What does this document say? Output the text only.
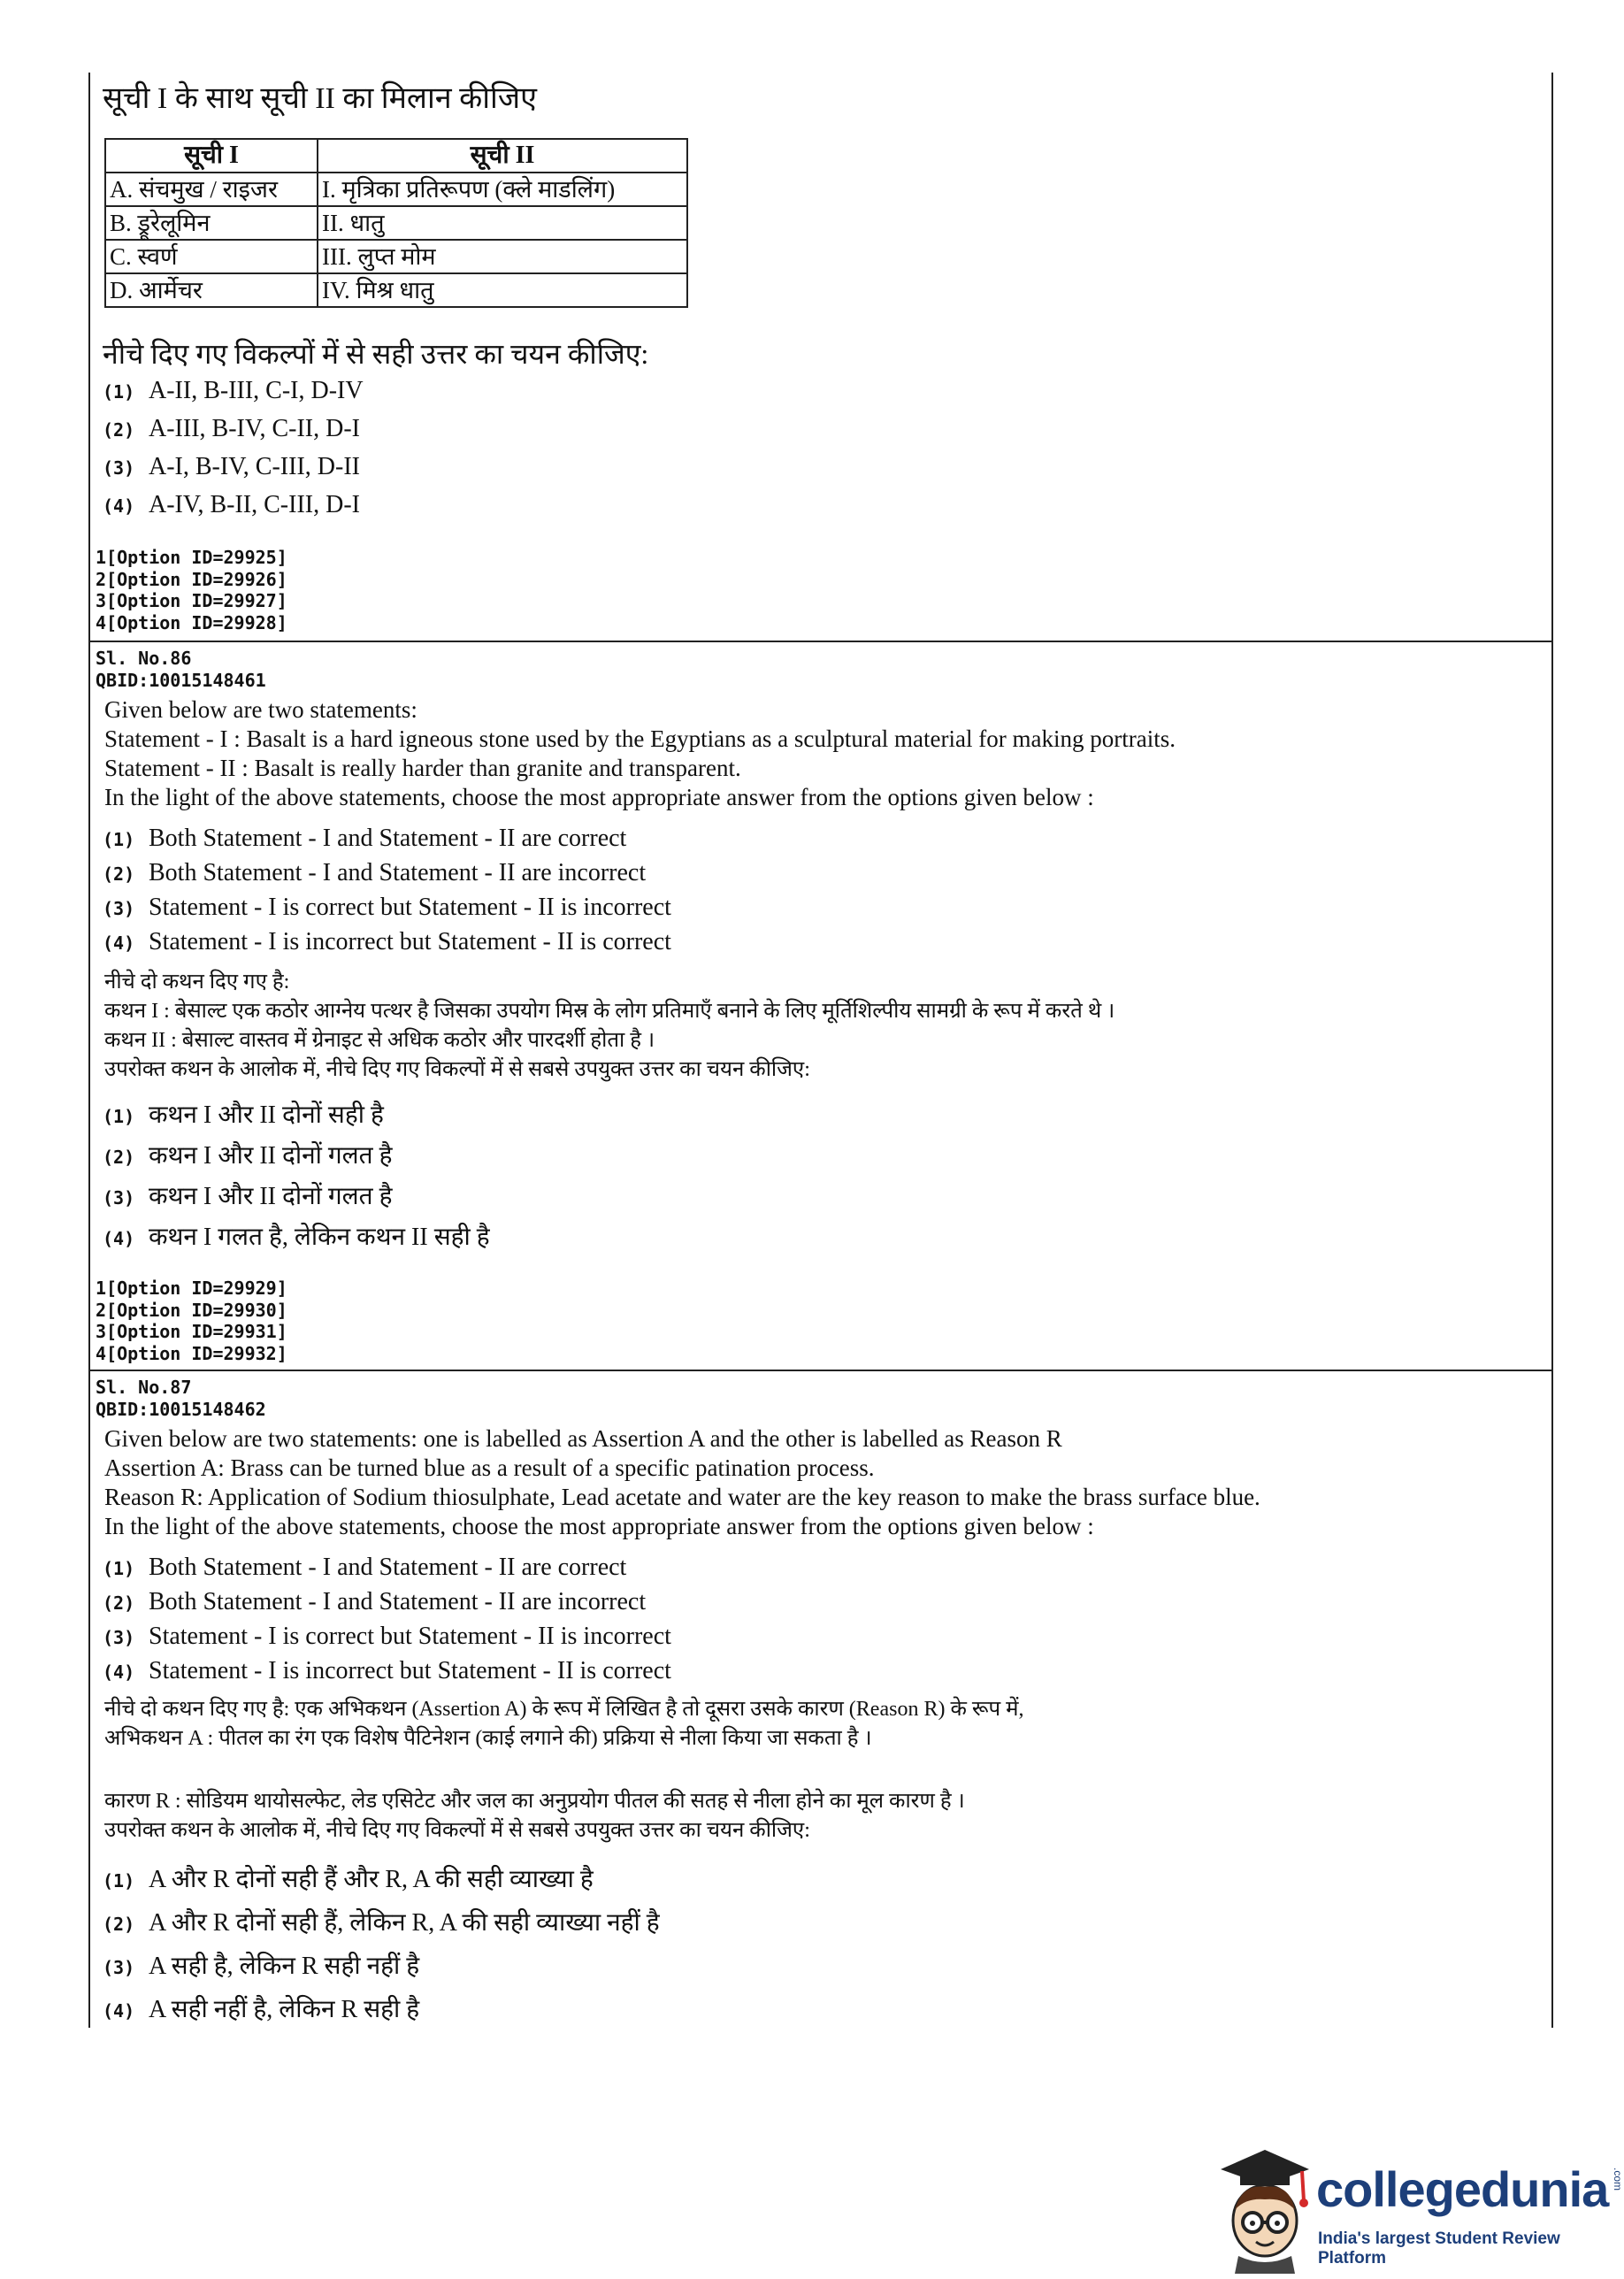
सूची I के साथ सूची II का मिलान कीजिए
सूची I	सूची II
A. संचमुख / राइजर	I. मृत्रिका प्रतिरूपण (क्ले माडलिंग)
B. ड्रूरेलूमिन	II. धातु
C. स्वर्ण	III. लुप्त मोम
D. आर्मेचर	IV. मिश्र धातु
नीचे दिए गए विकल्पों में से सही उत्तर का चयन कीजिए:
(1) A-II, B-III, C-I, D-IV
(2) A-III, B-IV, C-II, D-I
(3) A-I, B-IV, C-III, D-II
(4) A-IV, B-II, C-III, D-I
1[Option ID=29925]
2[Option ID=29926]
3[Option ID=29927]
4[Option ID=29928]
Sl. No.86
QBID:10015148461
Given below are two statements:
Statement - I : Basalt is a hard igneous stone used by the Egyptians as a sculptural material for making portraits.
Statement - II : Basalt is really harder than granite and transparent.
In the light of the above statements, choose the most appropriate answer from the options given below :
(1) Both Statement - I and Statement - II are correct
(2) Both Statement - I and Statement - II are incorrect
(3) Statement - I is correct but Statement - II is incorrect
(4) Statement - I is incorrect but Statement - II is correct
नीचे दो कथन दिए गए है:
कथन I : बेसाल्ट एक कठोर आग्नेय पत्थर है जिसका उपयोग मिस्र के लोग प्रतिमाएँ बनाने के लिए मूर्तिशिल्पीय सामग्री के रूप में करते थे ।
कथन II : बेसाल्ट वास्तव में ग्रेनाइट से अधिक कठोर और पारदर्शी होता है ।
उपरोक्त कथन के आलोक में, नीचे दिए गए विकल्पों में से सबसे उपयुक्त उत्तर का चयन कीजिए:
(1) कथन I और II दोनों सही है
(2) कथन I और II दोनों गलत है
(3) कथन I और II दोनों गलत है
(4) कथन I गलत है, लेकिन कथन II सही है
1[Option ID=29929]
2[Option ID=29930]
3[Option ID=29931]
4[Option ID=29932]
Sl. No.87
QBID:10015148462
Given below are two statements: one is labelled as Assertion A and the other is labelled as Reason R
Assertion A: Brass can be turned blue as a result of a specific patination process.
Reason R: Application of Sodium thiosulphate, Lead acetate and water are the key reason to make the brass surface blue.
In the light of the above statements, choose the most appropriate answer from the options given below :
(1) Both Statement - I and Statement - II are correct
(2) Both Statement - I and Statement - II are incorrect
(3) Statement - I is correct but Statement - II is incorrect
(4) Statement - I is incorrect but Statement - II is correct
नीचे दो कथन दिए गए है: एक अभिकथन (Assertion A) के रूप में लिखित है तो दूसरा उसके कारण (Reason R) के रूप में,
अभिकथन A : पीतल का रंग एक विशेष पैटिनेशन (काई लगाने की) प्रक्रिया से नीला किया जा सकता है ।
कारण R : सोडियम थायोसल्फेट, लेड एसिटेट और जल का अनुप्रयोग पीतल की सतह से नीला होने का मूल कारण है ।
उपरोक्त कथन के आलोक में, नीचे दिए गए विकल्पों में से सबसे उपयुक्त उत्तर का चयन कीजिए:
(1) A और R दोनों सही हैं और R, A की सही व्याख्या है
(2) A और R दोनों सही हैं, लेकिन R, A की सही व्याख्या नहीं है
(3) A सही है, लेकिन R सही नहीं है
(4) A सही नहीं है, लेकिन R सही है
collegedunia .com
India's largest Student Review Platform
